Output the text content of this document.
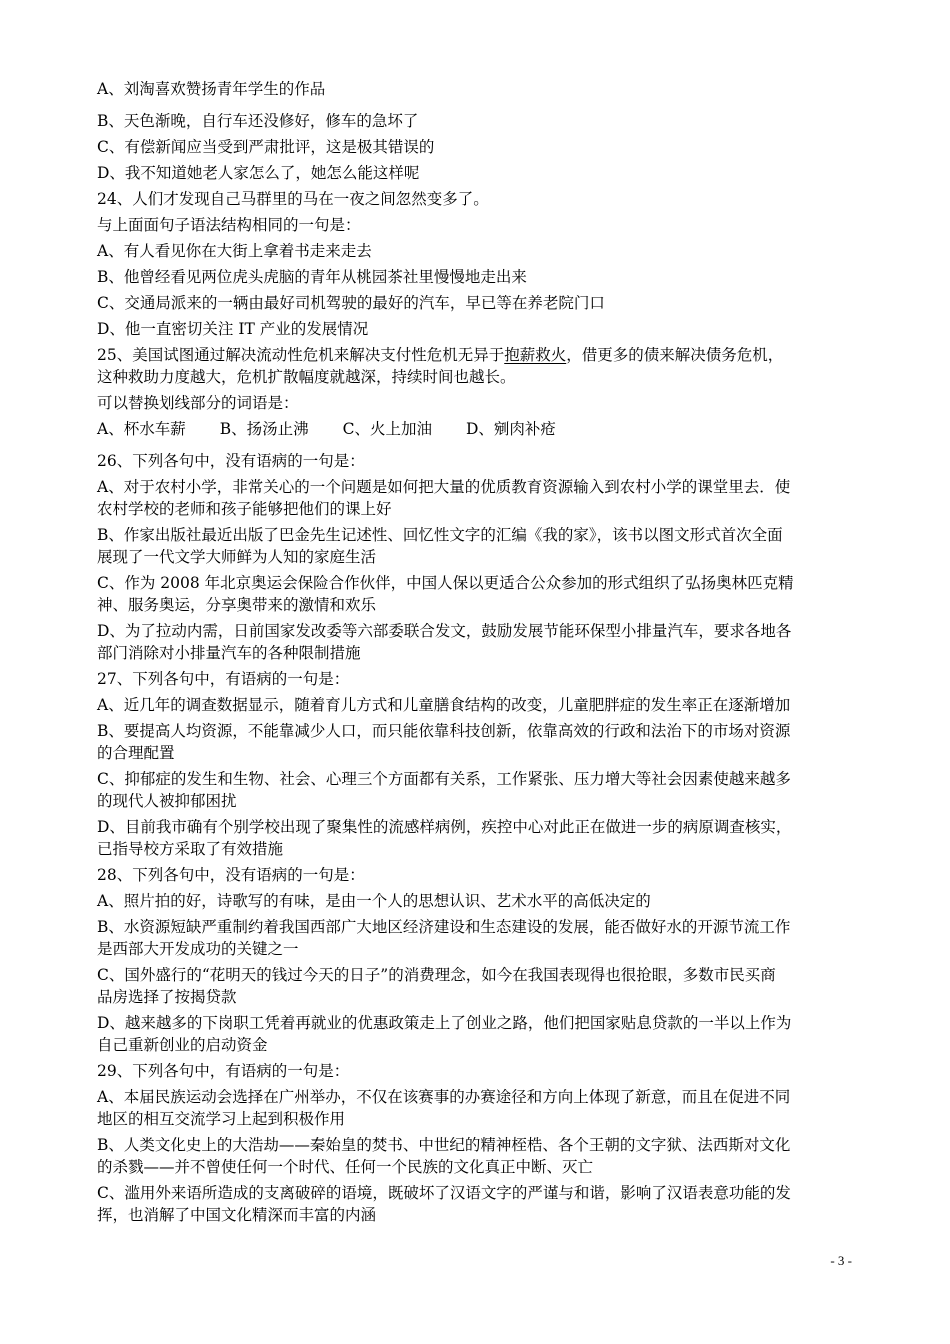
A、刘淘喜欢赞扬青年学生的作品

B、天色渐晚，自行车还没修好，修车的急坏了

C、有偿新闻应当受到严肃批评，这是极其错误的

D、我不知道她老人家怎么了，她怎么能这样呢

24、人们才发现自己马群里的马在一夜之间忽然变多了。

与上面面句子语法结构相同的一句是：

A、有人看见你在大街上拿着书走来走去

B、他曾经看见两位虎头虎脑的青年从桃园茶社里慢慢地走出来

C、交通局派来的一辆由最好司机驾驶的最好的汽车，早已等在养老院门口

D、他一直密切关注 IT 产业的发展情况

25、美国试图通过解决流动性危机来解决支付性危机无异于抱薪救火，借更多的债来解决债务危机，

这种救助力度越大，危机扩散幅度就越深，持续时间也越长。

可以替换划线部分的词语是：

A、杯水车薪 B、扬汤止沸 C、火上加油 D、剜肉补疮

26、下列各句中，没有语病的一句是：

A、对于农村小学，非常关心的一个问题是如何把大量的优质教育资源输入到农村小学的课堂里去．使

农村学校的老师和孩子能够把他们的课上好

B、作家出版社最近出版了巴金先生记述性、回忆性文字的汇编《我的家》，该书以图文形式首次全面

展现了一代文学大师鲜为人知的家庭生活

C、作为 2008 年北京奥运会保险合作伙伴，中国人保以更适合公众参加的形式组织了弘扬奥林匹克精

神、服务奥运，分享奥带来的激情和欢乐

D、为了拉动内需，日前国家发改委等六部委联合发文，鼓励发展节能环保型小排量汽车，要求各地各

部门消除对小排量汽车的各种限制措施

27、下列各句中，有语病的一句是：

A、近几年的调查数据显示，随着育儿方式和儿童膳食结构的改变，儿童肥胖症的发生率正在逐渐增加

B、要提高人均资源，不能靠减少人口，而只能依靠科技创新，依靠高效的行政和法治下的市场对资源

的合理配置

C、抑郁症的发生和生物、社会、心理三个方面都有关系，工作紧张、压力增大等社会因素使越来越多

的现代人被抑郁困扰

D、目前我市确有个别学校出现了聚集性的流感样病例，疾控中心对此正在做进一步的病原调查核实，

已指导校方采取了有效措施

28、下列各句中，没有语病的一句是：

A、照片拍的好，诗歌写的有味，是由一个人的思想认识、艺术水平的高低决定的

B、水资源短缺严重制约着我国西部广大地区经济建设和生态建设的发展，能否做好水的开源节流工作

是西部大开发成功的关键之一

C、国外盛行的“花明天的钱过今天的日子”的消费理念，如今在我国表现得也很抢眼，多数市民买商

品房选择了按揭贷款

D、越来越多的下岗职工凭着再就业的优惠政策走上了创业之路，他们把国家贴息贷款的一半以上作为

自己重新创业的启动资金

29、下列各句中，有语病的一句是：

A、本届民族运动会选择在广州举办，不仅在该赛事的办赛途径和方向上体现了新意，而且在促进不同

地区的相互交流学习上起到积极作用

B、人类文化史上的大浩劫——秦始皇的焚书、中世纪的精神桎梏、各个王朝的文字狱、法西斯对文化

的杀戮——并不曾使任何一个时代、任何一个民族的文化真正中断、灭亡

C、滥用外来语所造成的支离破碎的语境，既破坏了汉语文字的严谨与和谐，影响了汉语表意功能的发

挥，也消解了中国文化精深而丰富的内涵

- 3 -
